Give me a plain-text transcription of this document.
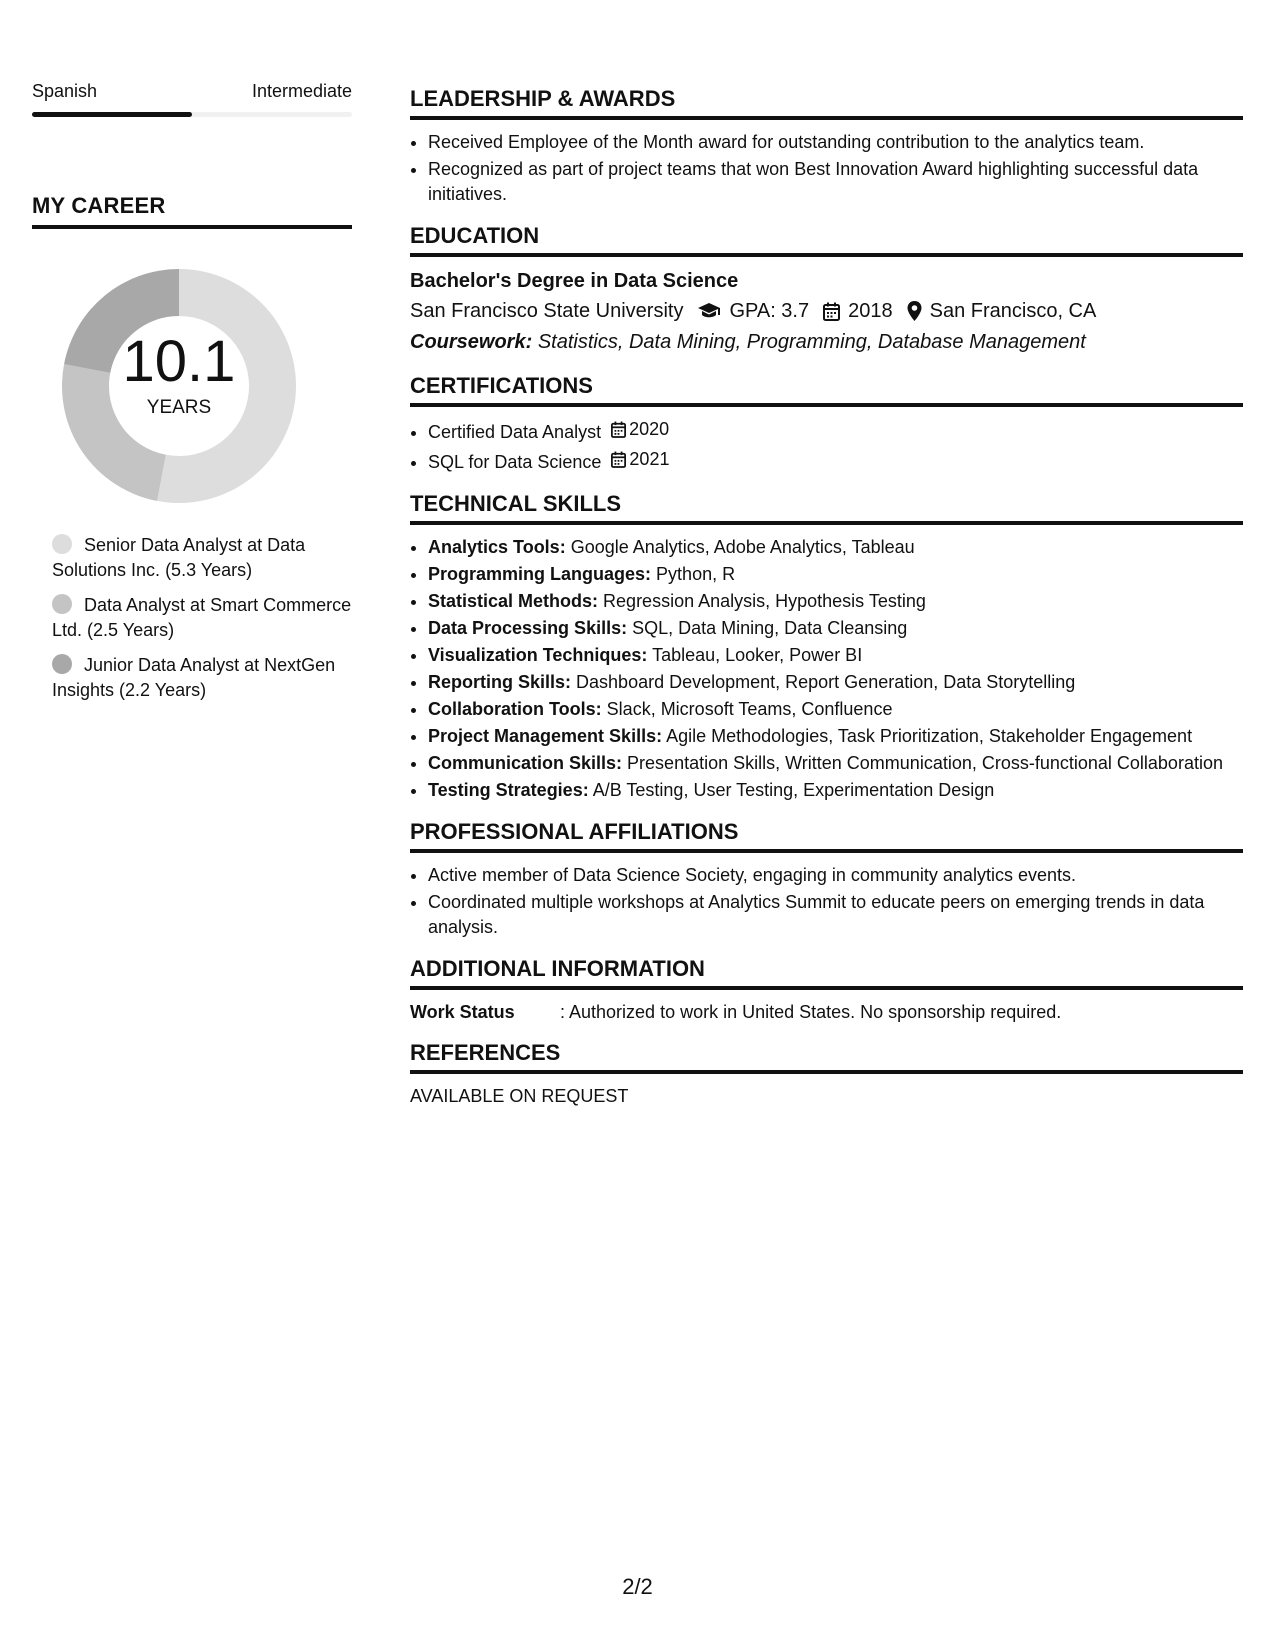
Spanish	Intermediate
MY CAREER
10.1
YEARS
Senior Data Analyst at Data Solutions Inc. (5.3 Years)
Data Analyst at Smart Commerce Ltd. (2.5 Years)
Junior Data Analyst at NextGen Insights (2.2 Years)
LEADERSHIP & AWARDS
• Received Employee of the Month award for outstanding contribution to the analytics team.
• Recognized as part of project teams that won Best Innovation Award highlighting successful data initiatives.
EDUCATION
Bachelor's Degree in Data Science
San Francisco State University GPA: 3.7 2018 San Francisco, CA
Coursework: Statistics, Data Mining, Programming, Database Management
CERTIFICATIONS
• Certified Data Analyst 2020
• SQL for Data Science 2021
TECHNICAL SKILLS
• Analytics Tools: Google Analytics, Adobe Analytics, Tableau
• Programming Languages: Python, R
• Statistical Methods: Regression Analysis, Hypothesis Testing
• Data Processing Skills: SQL, Data Mining, Data Cleansing
• Visualization Techniques: Tableau, Looker, Power BI
• Reporting Skills: Dashboard Development, Report Generation, Data Storytelling
• Collaboration Tools: Slack, Microsoft Teams, Confluence
• Project Management Skills: Agile Methodologies, Task Prioritization, Stakeholder Engagement
• Communication Skills: Presentation Skills, Written Communication, Cross-functional Collaboration
• Testing Strategies: A/B Testing, User Testing, Experimentation Design
PROFESSIONAL AFFILIATIONS
• Active member of Data Science Society, engaging in community analytics events.
• Coordinated multiple workshops at Analytics Summit to educate peers on emerging trends in data analysis.
ADDITIONAL INFORMATION
Work Status	: Authorized to work in United States. No sponsorship required.
REFERENCES
AVAILABLE ON REQUEST
2/2
